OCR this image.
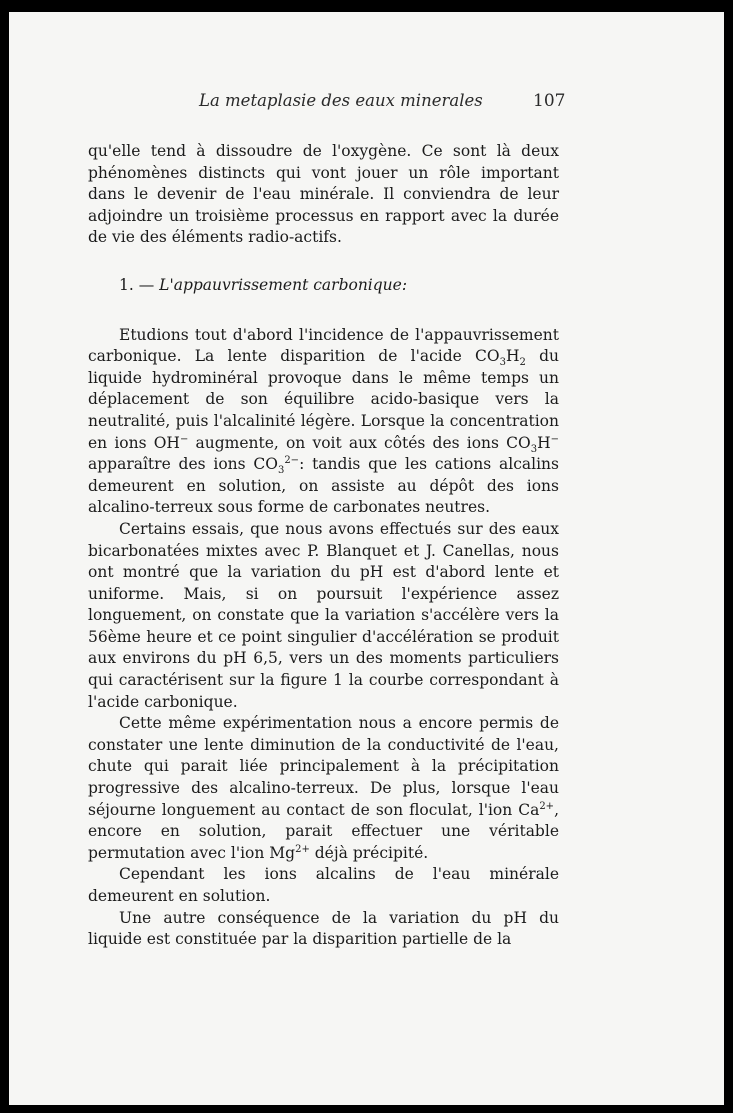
La metaplasie des eaux minerales	107

qu'elle tend à dissoudre de l'oxygène. Ce sont là deux phénomènes distincts qui vont jouer un rôle important dans le devenir de l'eau minérale. Il conviendra de leur adjoindre un troisième processus en rapport avec la durée de vie des éléments radio-actifs.

1. — L'appauvrissement carbonique:

Etudions tout d'abord l'incidence de l'appauvrissement carbonique. La lente disparition de l'acide $CO_3H_2$ du liquide hydrominéral provoque dans le même temps un déplacement de son équilibre acido-basique vers la neutralité, puis l'alcalinité légère. Lorsque la concentration en ions OH− augmente, on voit aux côtés des ions $CO_3H^-$ apparaître des ions $CO_3^{2-}$: tandis que les cations alcalins demeurent en solution, on assiste au dépôt des ions alcalino-terreux sous forme de carbonates neutres.

Certains essais, que nous avons effectués sur des eaux bicarbonatées mixtes avec P. Blanquet et J. Canellas, nous ont montré que la variation du pH est d'abord lente et uniforme. Mais, si on poursuit l'expérience assez longuement, on constate que la variation s'accélère vers la 56ème heure et ce point singulier d'accélération se produit aux environs du pH 6,5, vers un des moments particuliers qui caractérisent sur la figure 1 la courbe correspondant à l'acide carbonique.

Cette même expérimentation nous a encore permis de constater une lente diminution de la conductivité de l'eau, chute qui parait liée principalement à la précipitation progressive des alcalino-terreux. De plus, lorsque l'eau séjourne longuement au contact de son floculat, l'ion $Ca^{2+}$, encore en solution, parait effectuer une véritable permutation avec l'ion $Mg^{2+}$ déjà précipité.

Cependant les ions alcalins de l'eau minérale demeurent en solution.

Une autre conséquence de la variation du pH du liquide est constituée par la disparition partielle de la
